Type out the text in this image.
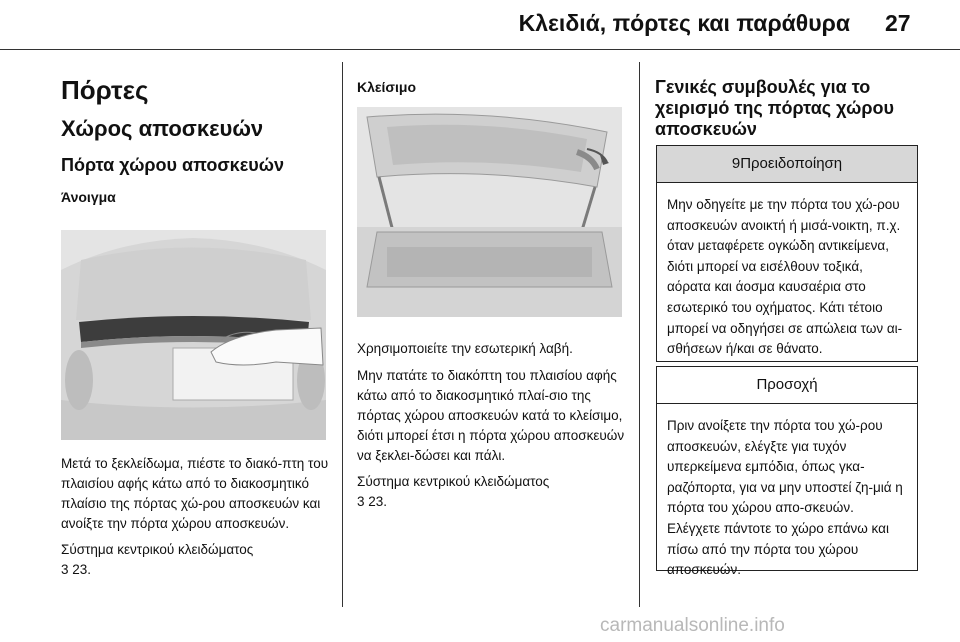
Κλειδιά, πόρτες και παράθυρα 27
Πόρτες
Χώρος αποσκευών
Πόρτα χώρου αποσκευών
Άνοιγμα

Μετά το ξεκλείδωμα, πιέστε το διακό-πτη του πλαισίου αφής κάτω από το διακοσμητικό πλαίσιο της πόρτας χώ-ρου αποσκευών και ανοίξτε την πόρτα χώρου αποσκευών.

Σύστημα κεντρικού κλειδώματος
3 23.

Κλείσιμο

Χρησιμοποιείτε την εσωτερική λαβή.

Μην πατάτε το διακόπτη του πλαισίου αφής κάτω από το διακοσμητικό πλαί-σιο της πόρτας χώρου αποσκευών κατά το κλείσιμο, διότι μπορεί έτσι η πόρτα χώρου αποσκευών να ξεκλει-δώσει και πάλι.

Σύστημα κεντρικού κλειδώματος
3 23.

Γενικές συμβουλές για το χειρισμό της πόρτας χώρου αποσκευών
9Προειδοποίηση
Μην οδηγείτε με την πόρτα του χώ-ρου αποσκευών ανοικτή ή μισά-νοικτη, π.χ. όταν μεταφέρετε ογκώδη αντικείμενα, διότι μπορεί να εισέλθουν τοξικά, αόρατα και άοσμα καυσαέρια στο εσωτερικό του οχήματος. Κάτι τέτοιο μπορεί να οδηγήσει σε απώλεια των αι-σθήσεων ή/και σε θάνατο.
Προσοχή
Πριν ανοίξετε την πόρτα του χώ-ρου αποσκευών, ελέγξτε για τυχόν υπερκείμενα εμπόδια, όπως γκα-ραζόπορτα, για να μην υποστεί ζη-μιά η πόρτα του χώρου απο-σκευών. Ελέγχετε πάντοτε το χώρο επάνω και πίσω από την πόρτα του χώρου αποσκευών.
carmanualsonline.info
